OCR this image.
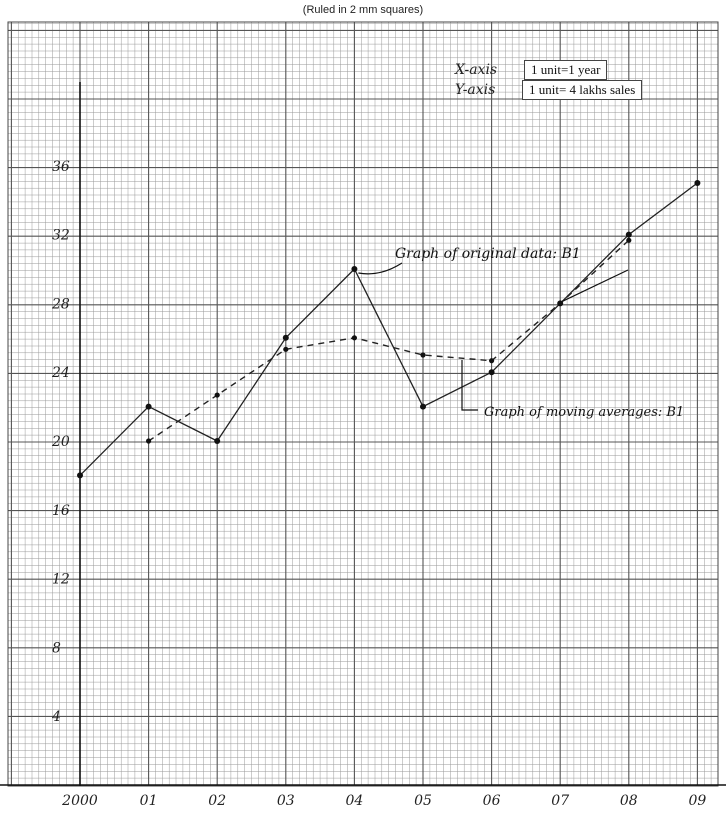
(Ruled in 2 mm squares)
4
8
12
16
20
24
28
32
36
2000	01	02	03	04	05	06	07	08	09
Graph of original data: B1
Graph of moving averages: B1
1 unit=1 year
1 unit= 4 lakhs sales
X-axis
Y-axis
